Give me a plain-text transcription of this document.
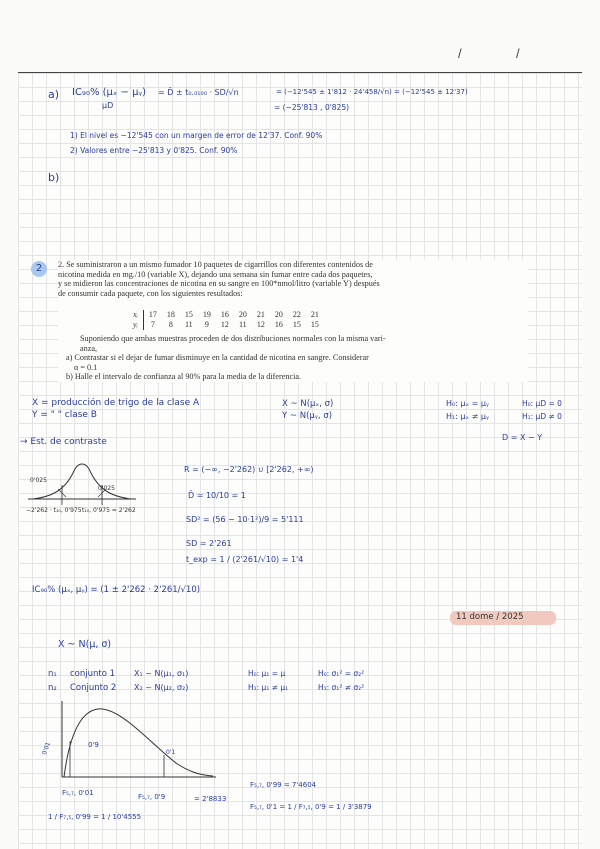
/	/
a) IC₉₀% (μₓ − μᵧ)
μD
= D̄ ± t₀.₀₁₀₀ · SD/√n	= (−12'545 ± 1'812 · 24'458/√n) = (−12'545 ± 12'37)
= (−25'813 , 0'825)
1) El nivel es −12'545 con un margen de error de 12'37. Conf. 90%
2) Valores entre −25'813 y 0'825. Conf. 90%
b)
2	2. Se suministraron a un mismo fumador 10 paquetes de cigarrillos con diferentes contenidos de
nicotina medida en mg./10 (variable X), dejando una semana sin fumar entre cada dos paquetes,
y se midieron las concentraciones de nicotina en su sangre en 100*nmol/litro (variable Y) después
de consumir cada paquete, con los siguientes resultados:
xᵢ	17	18	15	19	16	20	21	20	22	21
yᵢ	7	8	11	9	12	11	12	16	15	15
Suponiendo que ambas muestras proceden de dos distribuciones normales con la misma vari-
anza,
a) Contrastar si el dejar de fumar disminuye en la cantidad de nicotina en sangre. Considerar
α = 0.1
b) Halle el intervalo de confianza al 90% para la media de la diferencia.
X = producción de trigo de la clase A
Y = " " clase B
X ~ N(μₓ, σ)
Y ~ N(μᵧ, σ)
H₀: μₓ = μᵧ
H₁: μₓ ≠ μᵧ
H₀: μD = 0
H₁: μD ≠ 0
D = X − Y
→ Est. de contraste
0'025
0'025
−2'262 · t₁₀, 0'975 t₁₀, 0'975 = 2'262
R = (−∞, −2'262) ∪ [2'262, +∞)
D̄ = 10/10 = 1
SD² = (56 − 10·1²)/9 = 5'111
SD = 2'261
t_exp = 1 / (2'261/√10) = 1'4
IC₉₀% (μₓ, μᵧ) = (1 ± 2'262 · 2'261/√10)
11 dome / 2025
X ~ N(μ, σ)
n₁ conjunto 1 X₁ ~ N(μ₁, σ₁)	H₀: μ₁ = μ	H₀: σ₁² = σ₂²
n₂ Conjunto 2 X₂ ~ N(μ₂, σ₂)	H₁: μ₁ ≠ μ₁	H₁: σ₁² ≠ σ₂²
0'01	0'9
0'1
F₅,₇, 0'01	F₅,₇, 0'9	= 2'8833
F₅,₇, 0'99 = 7'4604
F₅,₇, 0'1 = 1 / F₇,₅, 0'9 = 1 / 3'3879
1 / F₇,₅, 0'99 = 1 / 10'4555
